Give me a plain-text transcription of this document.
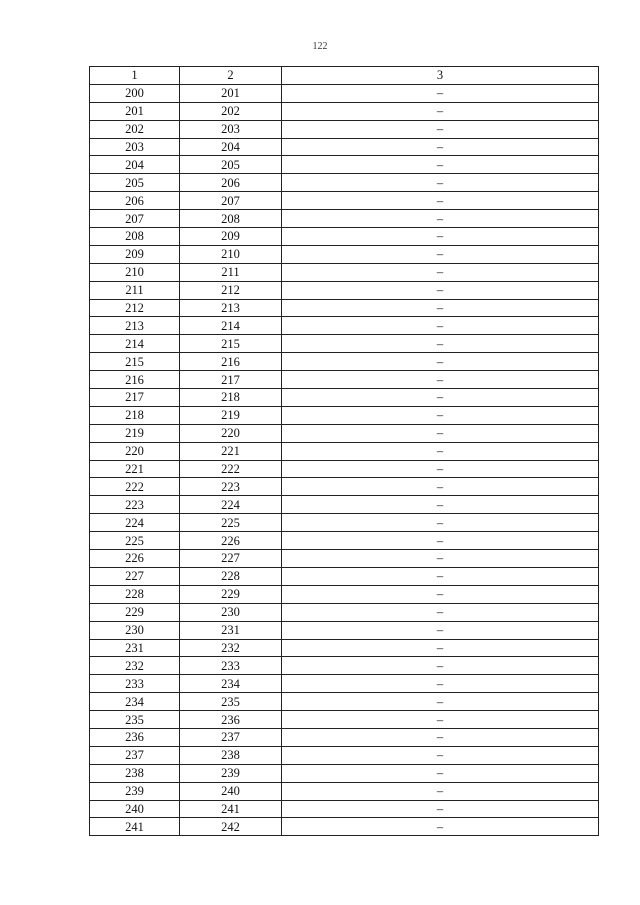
122
1	2	3
200	201	–
201	202	–
202	203	–
203	204	–
204	205	–
205	206	–
206	207	–
207	208	–
208	209	–
209	210	–
210	211	–
211	212	–
212	213	–
213	214	–
214	215	–
215	216	–
216	217	–
217	218	–
218	219	–
219	220	–
220	221	–
221	222	–
222	223	–
223	224	–
224	225	–
225	226	–
226	227	–
227	228	–
228	229	–
229	230	–
230	231	–
231	232	–
232	233	–
233	234	–
234	235	–
235	236	–
236	237	–
237	238	–
238	239	–
239	240	–
240	241	–
241	242	–
